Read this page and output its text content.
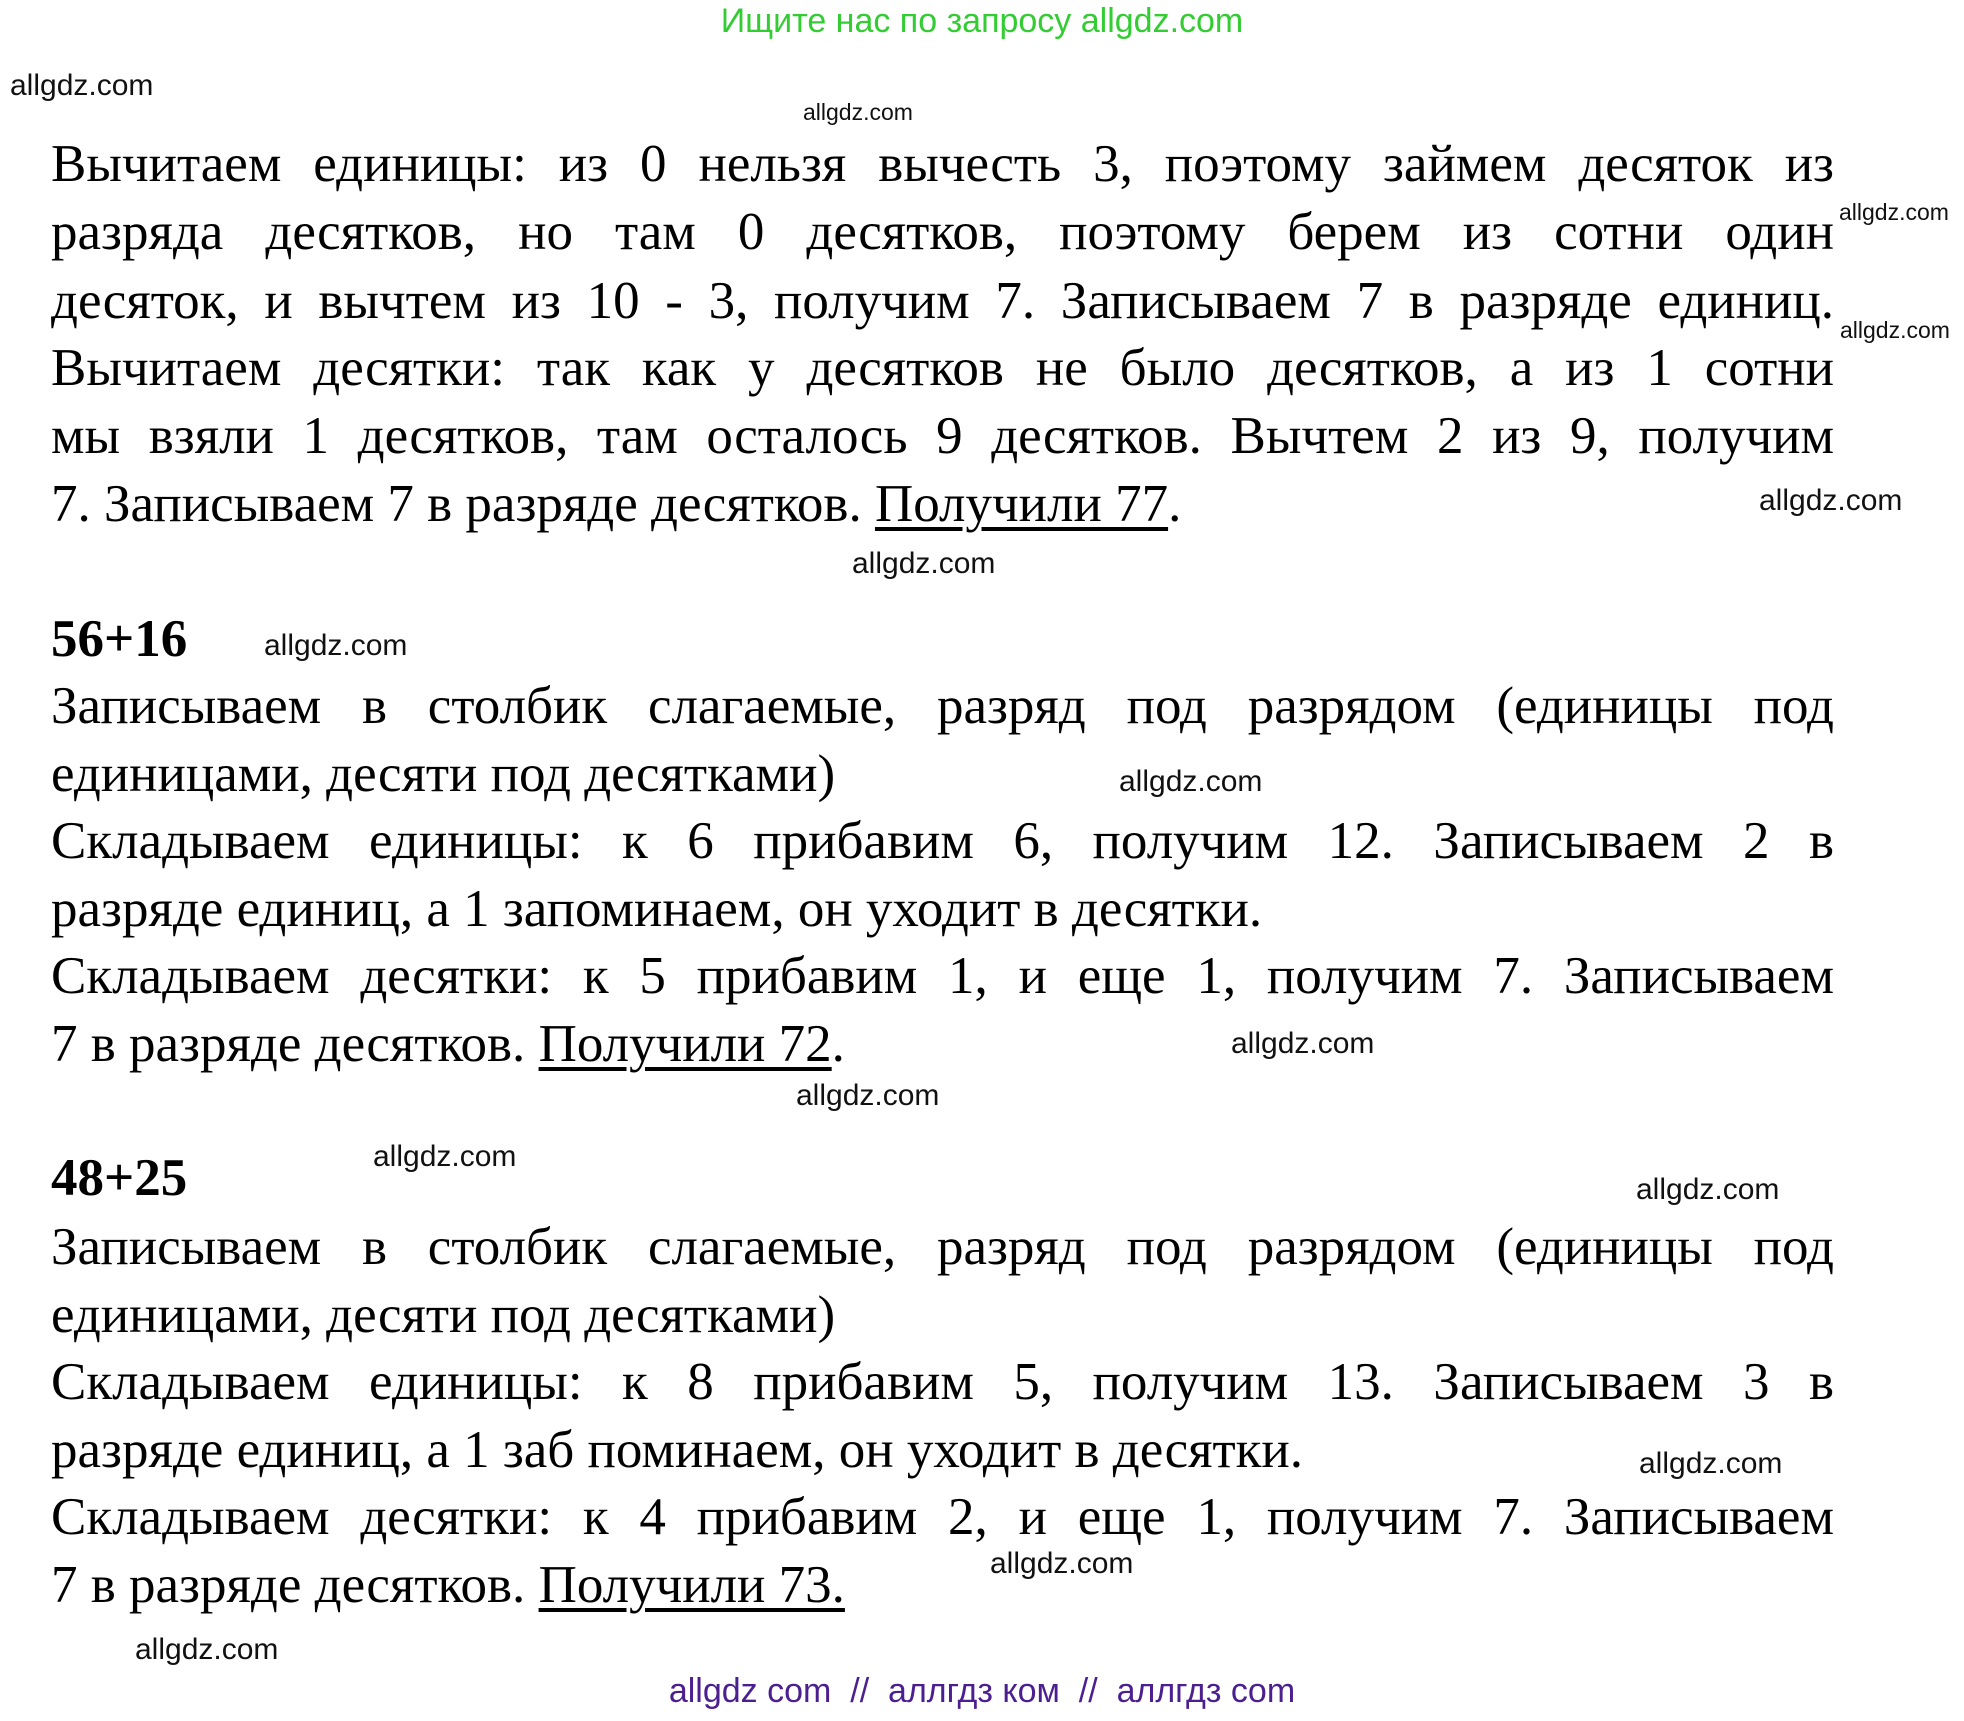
Ищите нас по запросу allgdz.com
Вычитаем единицы: из 0 нельзя вычесть 3, поэтому займем десяток из
разряда десятков, но там 0 десятков, поэтому берем из сотни один
десяток, и вычтем из 10 - 3, получим 7. Записываем 7 в разряде единиц.
Вычитаем десятки: так как у десятков не было десятков, а из 1 сотни
мы взяли 1 десятков, там осталось 9 десятков. Вычтем 2 из 9, получим
7. Записываем 7 в разряде десятков. Получили 77.
56+16
Записываем в столбик слагаемые, разряд под разрядом (единицы под
единицами, десяти под десятками)
Складываем единицы: к 6 прибавим 6, получим 12. Записываем 2 в
разряде единиц, а 1 запоминаем, он уходит в десятки.
Складываем десятки: к 5 прибавим 1, и еще 1, получим 7. Записываем
7 в разряде десятков. Получили 72.
48+25
Записываем в столбик слагаемые, разряд под разрядом (единицы под
единицами, десяти под десятками)
Складываем единицы: к 8 прибавим 5, получим 13. Записываем 3 в
разряде единиц, а 1 заб поминаем, он уходит в десятки.
Складываем десятки: к 4 прибавим 2, и еще 1, получим 7. Записываем
7 в разряде десятков. Получили 73.
allgdz.com
allgdz.com
allgdz.com
allgdz.com
allgdz.com
allgdz.com
allgdz.com
allgdz.com
allgdz.com
allgdz.com
allgdz.com
allgdz.com
allgdz.com
allgdz.com
allgdz.com
allgdz com  //  аллгдз ком  //  аллгдз com
